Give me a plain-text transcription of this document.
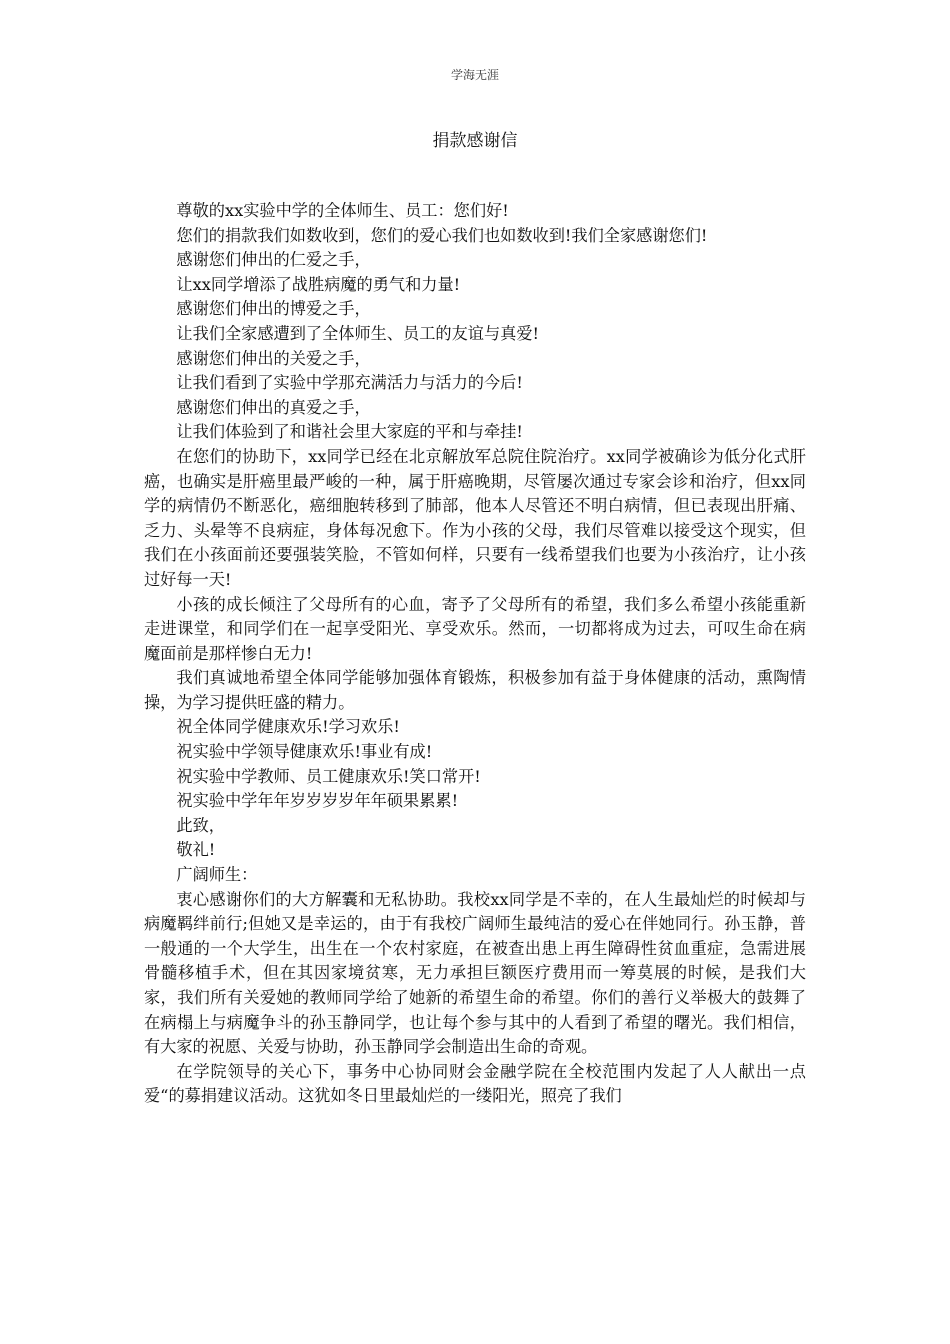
学海无涯
捐款感谢信

尊敬的xx实验中学的全体师生、员工：您们好!

您们的捐款我们如数收到，您们的爱心我们也如数收到!我们全家感谢您们!

感谢您们伸出的仁爱之手，

让xx同学增添了战胜病魔的勇气和力量!

感谢您们伸出的博爱之手，

让我们全家感遭到了全体师生、员工的友谊与真爱!

感谢您们伸出的关爱之手，

让我们看到了实验中学那充满活力与活力的今后!

感谢您们伸出的真爱之手，

让我们体验到了和谐社会里大家庭的平和与牵挂!

在您们的协助下，xx同学已经在北京解放军总院住院治疗。xx同学被确诊为低分化式肝癌，也确实是肝癌里最严峻的一种，属于肝癌晚期，尽管屡次通过专家会诊和治疗，但xx同学的病情仍不断恶化，癌细胞转移到了肺部，他本人尽管还不明白病情，但已表现出肝痛、乏力、头晕等不良病症，身体每况愈下。作为小孩的父母，我们尽管难以接受这个现实，但我们在小孩面前还要强装笑脸，不管如何样，只要有一线希望我们也要为小孩治疗，让小孩过好每一天!

小孩的成长倾注了父母所有的心血，寄予了父母所有的希望，我们多么希望小孩能重新走进课堂，和同学们在一起享受阳光、享受欢乐。然而，一切都将成为过去，可叹生命在病魔面前是那样惨白无力!

我们真诚地希望全体同学能够加强体育锻炼，积极参加有益于身体健康的活动，熏陶情操，为学习提供旺盛的精力。

祝全体同学健康欢乐!学习欢乐!

祝实验中学领导健康欢乐!事业有成!

祝实验中学教师、员工健康欢乐!笑口常开!

祝实验中学年年岁岁岁岁年年硕果累累!

此致，

敬礼!

广阔师生：

衷心感谢你们的大方解囊和无私协助。我校xx同学是不幸的，在人生最灿烂的时候却与病魔羁绊前行;但她又是幸运的，由于有我校广阔师生最纯洁的爱心在伴她同行。孙玉静，普一般通的一个大学生，出生在一个农村家庭，在被查出患上再生障碍性贫血重症，急需进展骨髓移植手术，但在其因家境贫寒，无力承担巨额医疗费用而一筹莫展的时候，是我们大家，我们所有关爱她的教师同学给了她新的希望生命的希望。你们的善行义举极大的鼓舞了在病榻上与病魔争斗的孙玉静同学，也让每个参与其中的人看到了希望的曙光。我们相信，有大家的祝愿、关爱与协助，孙玉静同学会制造出生命的奇观。

在学院领导的关心下，事务中心协同财会金融学院在全校范围内发起了人人献出一点爱“的募捐建议活动。这犹如冬日里最灿烂的一缕阳光，照亮了我们
